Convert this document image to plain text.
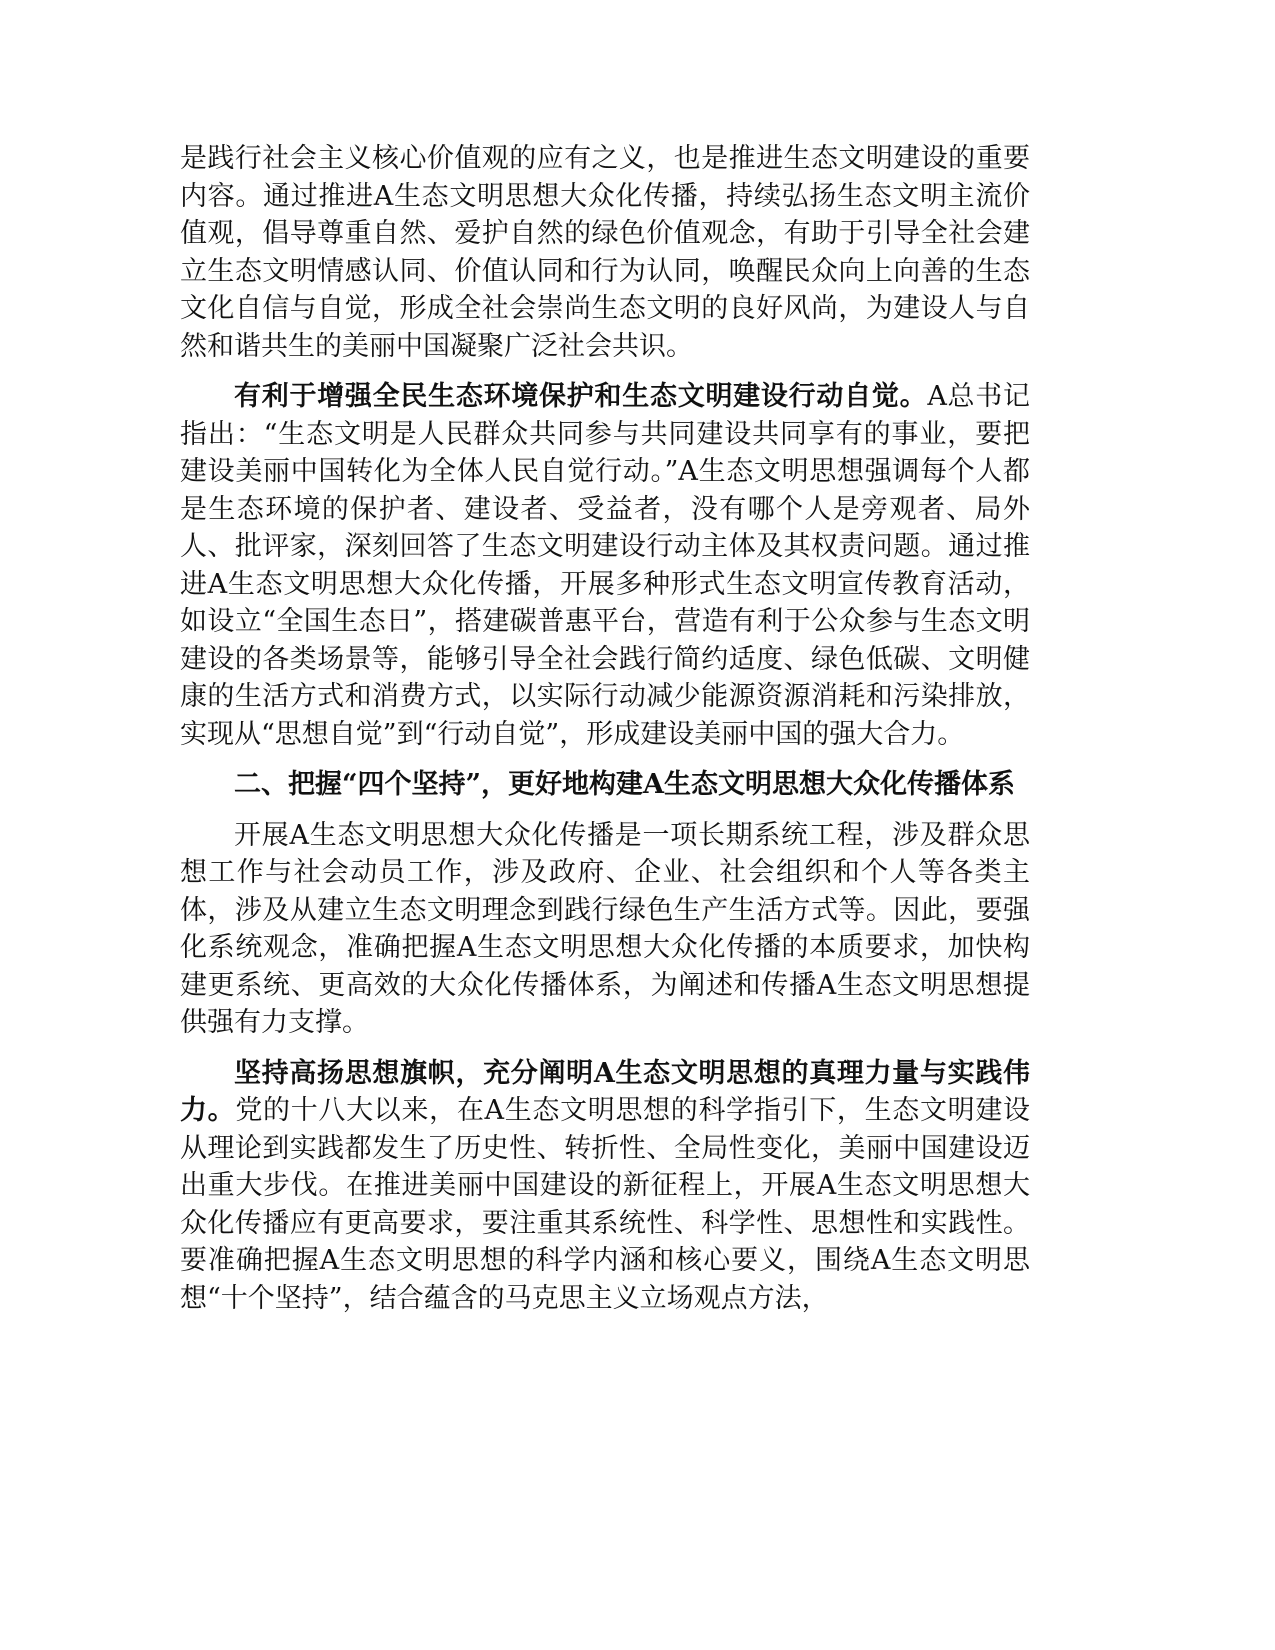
是践行社会主义核心价值观的应有之义，也是推进生态文明建设的重要内容。通过推进A生态文明思想大众化传播，持续弘扬生态文明主流价值观，倡导尊重自然、爱护自然的绿色价值观念，有助于引导全社会建立生态文明情感认同、价值认同和行为认同，唤醒民众向上向善的生态文化自信与自觉，形成全社会崇尚生态文明的良好风尚，为建设人与自然和谐共生的美丽中国凝聚广泛社会共识。

有利于增强全民生态环境保护和生态文明建设行动自觉。A总书记指出：“生态文明是人民群众共同参与共同建设共同享有的事业，要把建设美丽中国转化为全体人民自觉行动。”A生态文明思想强调每个人都是生态环境的保护者、建设者、受益者，没有哪个人是旁观者、局外人、批评家，深刻回答了生态文明建设行动主体及其权责问题。通过推进A生态文明思想大众化传播，开展多种形式生态文明宣传教育活动，如设立“全国生态日”，搭建碳普惠平台，营造有利于公众参与生态文明建设的各类场景等，能够引导全社会践行简约适度、绿色低碳、文明健康的生活方式和消费方式，以实际行动减少能源资源消耗和污染排放，实现从“思想自觉”到“行动自觉”，形成建设美丽中国的强大合力。

二、把握“四个坚持”，更好地构建A生态文明思想大众化传播体系

开展A生态文明思想大众化传播是一项长期系统工程，涉及群众思想工作与社会动员工作，涉及政府、企业、社会组织和个人等各类主体，涉及从建立生态文明理念到践行绿色生产生活方式等。因此，要强化系统观念，准确把握A生态文明思想大众化传播的本质要求，加快构建更系统、更高效的大众化传播体系，为阐述和传播A生态文明思想提供强有力支撑。

坚持高扬思想旗帜，充分阐明A生态文明思想的真理力量与实践伟力。党的十八大以来，在A生态文明思想的科学指引下，生态文明建设从理论到实践都发生了历史性、转折性、全局性变化，美丽中国建设迈出重大步伐。在推进美丽中国建设的新征程上，开展A生态文明思想大众化传播应有更高要求，要注重其系统性、科学性、思想性和实践性。要准确把握A生态文明思想的科学内涵和核心要义，围绕A生态文明思想“十个坚持”，结合蕴含的马克思主义立场观点方法，
